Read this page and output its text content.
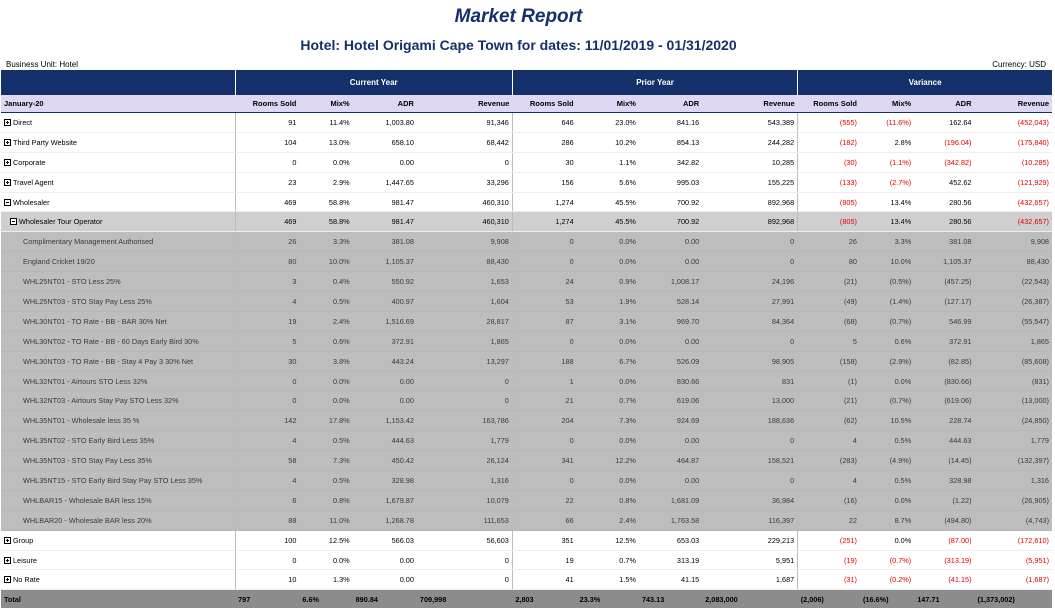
Market Report
Hotel: Hotel Origami Cape Town for dates: 11/01/2019 - 01/31/2020
Business Unit: Hotel	Currency: USD
	Current Year				Prior Year				Variance			
January-20	Rooms Sold	Mix%	ADR	Revenue	Rooms Sold	Mix%	ADR	Revenue	Rooms Sold	Mix%	ADR	Revenue
Direct	91	11.4%	1,003.80	91,346	646	23.0%	841.16	543,389	(555)	(11.6%)	162.64	(452,043)
Third Party Website	104	13.0%	658.10	68,442	286	10.2%	854.13	244,282	(182)	2.8%	(196.04)	(175,840)
Corporate	0	0.0%	0.00	0	30	1.1%	342.82	10,285	(30)	(1.1%)	(342.82)	(10,285)
Travel Agent	23	2.9%	1,447.65	33,296	156	5.6%	995.03	155,225	(133)	(2.7%)	452.62	(121,929)
Wholesaler	469	58.8%	981.47	460,310	1,274	45.5%	700.92	892,968	(805)	13.4%	280.56	(432,657)
Wholesaler Tour Operator	469	58.8%	981.47	460,310	1,274	45.5%	700.92	892,968	(805)	13.4%	280.56	(432,657)
Complimentary Management Authorised	26	3.3%	381.08	9,908	0	0.0%	0.00	0	26	3.3%	381.08	9,908
England Cricket 19/20	80	10.0%	1,105.37	88,430	0	0.0%	0.00	0	80	10.0%	1,105.37	88,430
WHL25NT01 - STO Less 25%	3	0.4%	550.92	1,653	24	0.9%	1,008.17	24,196	(21)	(0.5%)	(457.25)	(22,543)
WHL25NT03 - STO Stay Pay Less 25%	4	0.5%	400.97	1,604	53	1.9%	528.14	27,991	(49)	(1.4%)	(127.17)	(26,387)
WHL30NT01 - TO Rate - BB - BAR 30% Net	19	2.4%	1,516.69	28,817	87	3.1%	969.70	84,364	(68)	(0.7%)	546.99	(55,547)
WHL30NT02 - TO Rate - BB - 60 Days Early Bird 30%	5	0.6%	372.91	1,865	0	0.0%	0.00	0	5	0.6%	372.91	1,865
WHL30NT03 - TO Rate - BB - Stay 4 Pay 3 30% Net	30	3.8%	443.24	13,297	188	6.7%	526.09	98,905	(158)	(2.9%)	(82.85)	(85,608)
WHL32NT01 - Airtours STO Less 32%	0	0.0%	0.00	0	1	0.0%	830.66	831	(1)	0.0%	(830.66)	(831)
WHL32NT03 - Airtours Stay Pay STO Less 32%	0	0.0%	0.00	0	21	0.7%	619.06	13,000	(21)	(0.7%)	(619.06)	(13,000)
WHL35NT01 - Wholesale less 35 %	142	17.8%	1,153.42	163,786	204	7.3%	924.69	188,636	(62)	10.5%	228.74	(24,850)
WHL35NT02 - STO Early Bird Less 35%	4	0.5%	444.63	1,779	0	0.0%	0.00	0	4	0.5%	444.63	1,779
WHL35NT03 - STO Stay Pay Less 35%	58	7.3%	450.42	26,124	341	12.2%	464.87	158,521	(283)	(4.9%)	(14.45)	(132,397)
WHL35NT15 - STO Early Bird Stay Pay STO Less 35%	4	0.5%	328.98	1,316	0	0.0%	0.00	0	4	0.5%	328.98	1,316
WHLBAR15 - Wholesale BAR less 15%	6	0.8%	1,679.87	10,079	22	0.8%	1,681.09	36,984	(16)	0.0%	(1.22)	(26,905)
WHLBAR20 - Wholesale BAR less 20%	88	11.0%	1,268.78	111,653	66	2.4%	1,763.58	116,397	22	8.7%	(494.80)	(4,743)
Group	100	12.5%	566.03	56,603	351	12.5%	653.03	229,213	(251)	0.0%	(87.00)	(172,610)
Leisure	0	0.0%	0.00	0	19	0.7%	313.19	5,951	(19)	(0.7%)	(313.19)	(5,951)
No Rate	10	1.3%	0.00	0	41	1.5%	41.15	1,687	(31)	(0.2%)	(41.15)	(1,687)
Total	797	6.6%	890.84	709,998	2,803	23.3%	743.13	2,083,000	(2,006)	(16.6%)	147.71	(1,373,002)
